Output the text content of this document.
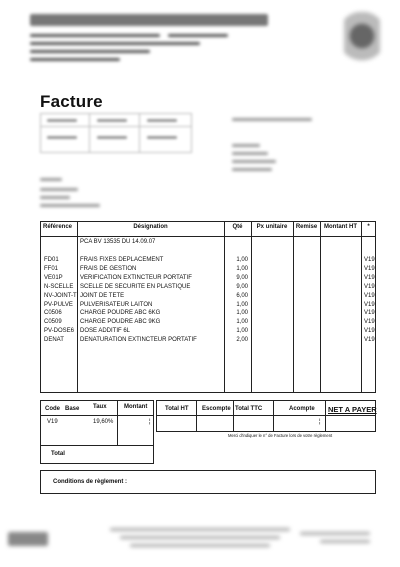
Facture
Référence	Désignation	Qté	Px unitaire	Remise	Montant HT	*
PCA BV 13535 DU 14.09.07
FD01	FRAIS FIXES DEPLACEMENT	1,00	V19
FF01	FRAIS DE GESTION	1,00	V19
VE01P	VERIFICATION EXTINCTEUR PORTATIF	9,00	V19
N-SCELLE SCELLE DE SECURITE EN PLASTIQUE	9,00	V19
NV-JOINT-T JOINT DE TETE	6,00	V19
PV-PULVE PULVERISATEUR LAITON	1,00	V19
C0506	CHARGE POUDRE ABC 6KG	1,00	V19
C0509	CHARGE POUDRE ABC 9KG	1,00	V19
PV-DOSE6 DOSE ADDITIF 6L	1,00	V19
DENAT	DENATURATION EXTINCTEUR PORTATIF	2,00	V19
Code Base Taux	Montant
V19	19,60%	¦
Total
Total HT Escompte Total TTC	Acompte
¦
NET A PAYER
Merci d'indiquer le n° de Facture lors de votre règlement
Conditions de règlement :
